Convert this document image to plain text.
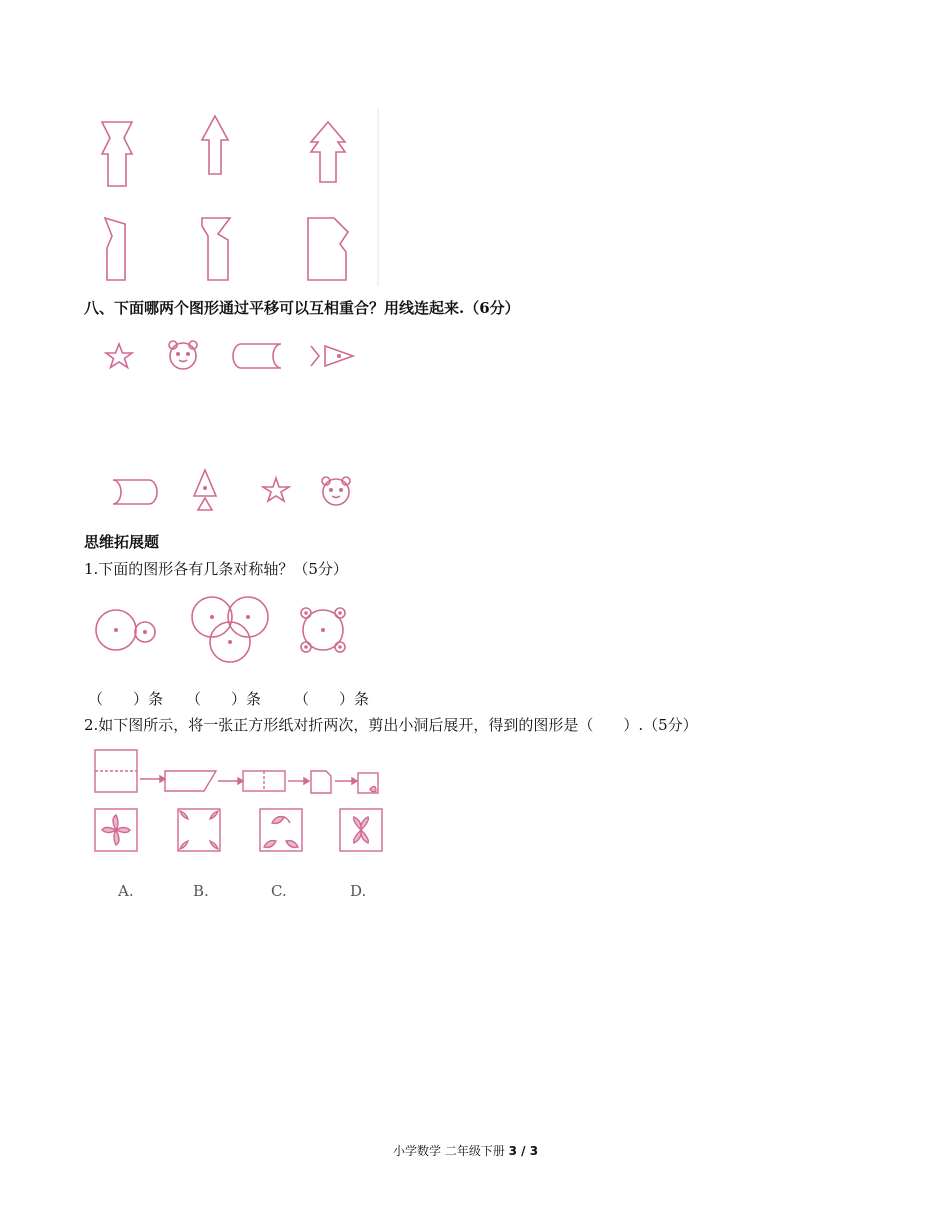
八、下面哪两个图形通过平移可以互相重合？用线连起来.（6分）
思维拓展题
1.下面的图形各有几条对称轴？（5分）
（　　）条 （　　）条 （　　）条
2.如下图所示，将一张正方形纸对折两次，剪出小洞后展开，得到的图形是（　　）.（5分）
A.	B.	C.	D.
小学数学 二年级下册 3 / 3
